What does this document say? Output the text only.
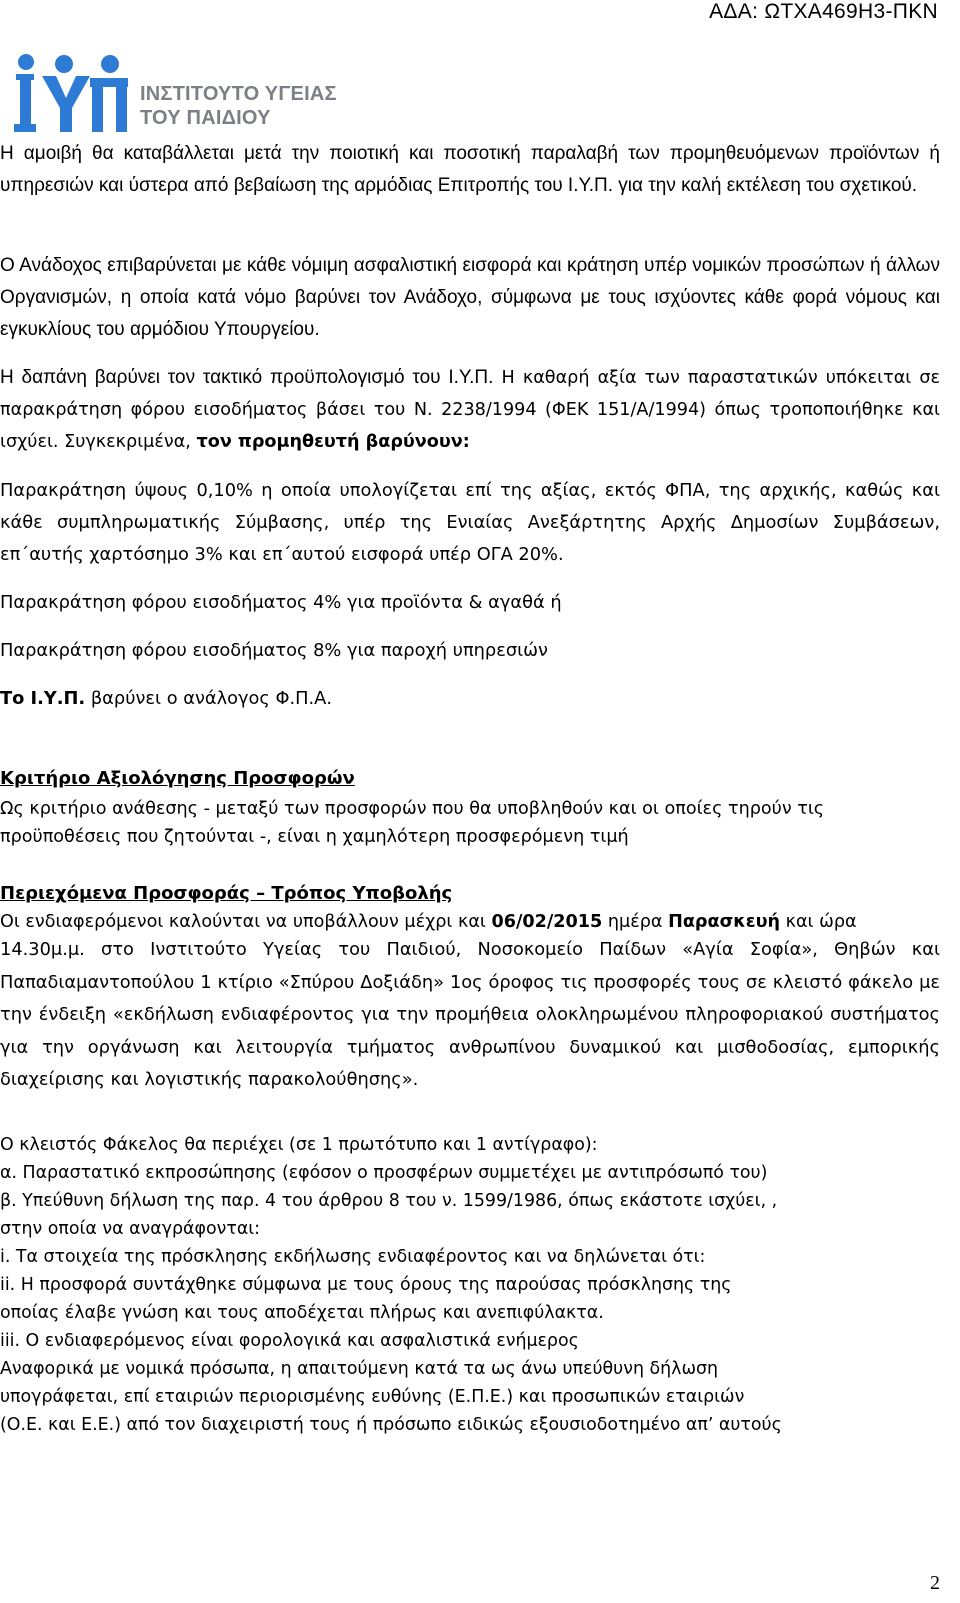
ΑΔΑ: ΩΤΧΑ469Η3-ΠΚΝ
ΙΥΠ
ΙΝΣΤΙΤΟΥΤΟ ΥΓΕΙΑΣ
ΤΟΥ ΠΑΙΔΙΟΥ

Η αμοιβή θα καταβάλλεται μετά την ποιοτική και ποσοτική παραλαβή των προμηθευόμενων προϊόντων ή υπηρεσιών και ύστερα από βεβαίωση της αρμόδιας Επιτροπής του Ι.Υ.Π. για την καλή εκτέλεση του σχετικού.

Ο Ανάδοχος επιβαρύνεται με κάθε νόμιμη ασφαλιστική εισφορά και κράτηση υπέρ νομικών προσώπων ή άλλων Οργανισμών, η οποία κατά νόμο βαρύνει τον Ανάδοχο, σύμφωνα με τους ισχύοντες κάθε φορά νόμους και εγκυκλίους του αρμόδιου Υπουργείου.

Η δαπάνη βαρύνει τον τακτικό προϋπολογισμό του Ι.Υ.Π. Η καθαρή αξία των παραστατικών υπόκειται σε παρακράτηση φόρου εισοδήματος βάσει του Ν. 2238/1994 (ΦΕΚ 151/Α/1994) όπως τροποποιήθηκε και ισχύει. Συγκεκριμένα, τον προμηθευτή βαρύνουν:

Παρακράτηση ύψους 0,10% η οποία υπολογίζεται επί της αξίας, εκτός ΦΠΑ, της αρχικής, καθώς και κάθε συμπληρωματικής Σύμβασης, υπέρ της Ενιαίας Ανεξάρτητης Αρχής Δημοσίων Συμβάσεων, επ΄αυτής χαρτόσημο 3% και επ΄αυτού εισφορά υπέρ ΟΓΑ 20%.

Παρακράτηση φόρου εισοδήματος 4% για προϊόντα & αγαθά ή

Παρακράτηση φόρου εισοδήματος 8% για παροχή υπηρεσιών

Το Ι.Υ.Π. βαρύνει ο ανάλογος Φ.Π.Α.

Κριτήριο Αξιολόγησης Προσφορών

Ως κριτήριο ανάθεσης - μεταξύ των προσφορών που θα υποβληθούν και οι οποίες τηρούν τις

προϋποθέσεις που ζητούνται -, είναι η χαμηλότερη προσφερόμενη τιμή

Περιεχόμενα Προσφοράς – Τρόπος Υποβολής

Οι ενδιαφερόμενοι καλούνται να υποβάλλουν μέχρι και 06/02/2015 ημέρα Παρασκευή και ώρα

14.30μ.μ. στο Ινστιτούτο Υγείας του Παιδιού, Νοσοκομείο Παίδων «Αγία Σοφία», Θηβών και Παπαδιαμαντοπούλου 1 κτίριο «Σπύρου Δοξιάδη» 1ος όροφος τις προσφορές τους σε κλειστό φάκελο με την ένδειξη «εκδήλωση ενδιαφέροντος για την προμήθεια ολοκληρωμένου πληροφοριακού συστήματος για την οργάνωση και λειτουργία τμήματος ανθρωπίνου δυναμικού και μισθοδοσίας, εμπορικής διαχείρισης και λογιστικής παρακολούθησης».

Ο κλειστός Φάκελος θα περιέχει (σε 1 πρωτότυπο και 1 αντίγραφο):
α. Παραστατικό εκπροσώπησης (εφόσον ο προσφέρων συμμετέχει με αντιπρόσωπό του)
β. Υπεύθυνη δήλωση της παρ. 4 του άρθρου 8 του ν. 1599/1986, όπως εκάστοτε ισχύει, ,
στην οποία να αναγράφονται:
i. Τα στοιχεία της πρόσκλησης εκδήλωσης ενδιαφέροντος και να δηλώνεται ότι:
ii. Η προσφορά συντάχθηκε σύμφωνα με τους όρους της παρούσας πρόσκλησης της
οποίας έλαβε γνώση και τους αποδέχεται πλήρως και ανεπιφύλακτα.
iii. Ο ενδιαφερόμενος είναι φορολογικά και ασφαλιστικά ενήμερος
Αναφορικά με νομικά πρόσωπα, η απαιτούμενη κατά τα ως άνω υπεύθυνη δήλωση
υπογράφεται, επί εταιριών περιορισμένης ευθύνης (Ε.Π.Ε.) και προσωπικών εταιριών
(Ο.Ε. και Ε.Ε.) από τον διαχειριστή τους ή πρόσωπο ειδικώς εξουσιοδοτημένο απ’ αυτούς
2
